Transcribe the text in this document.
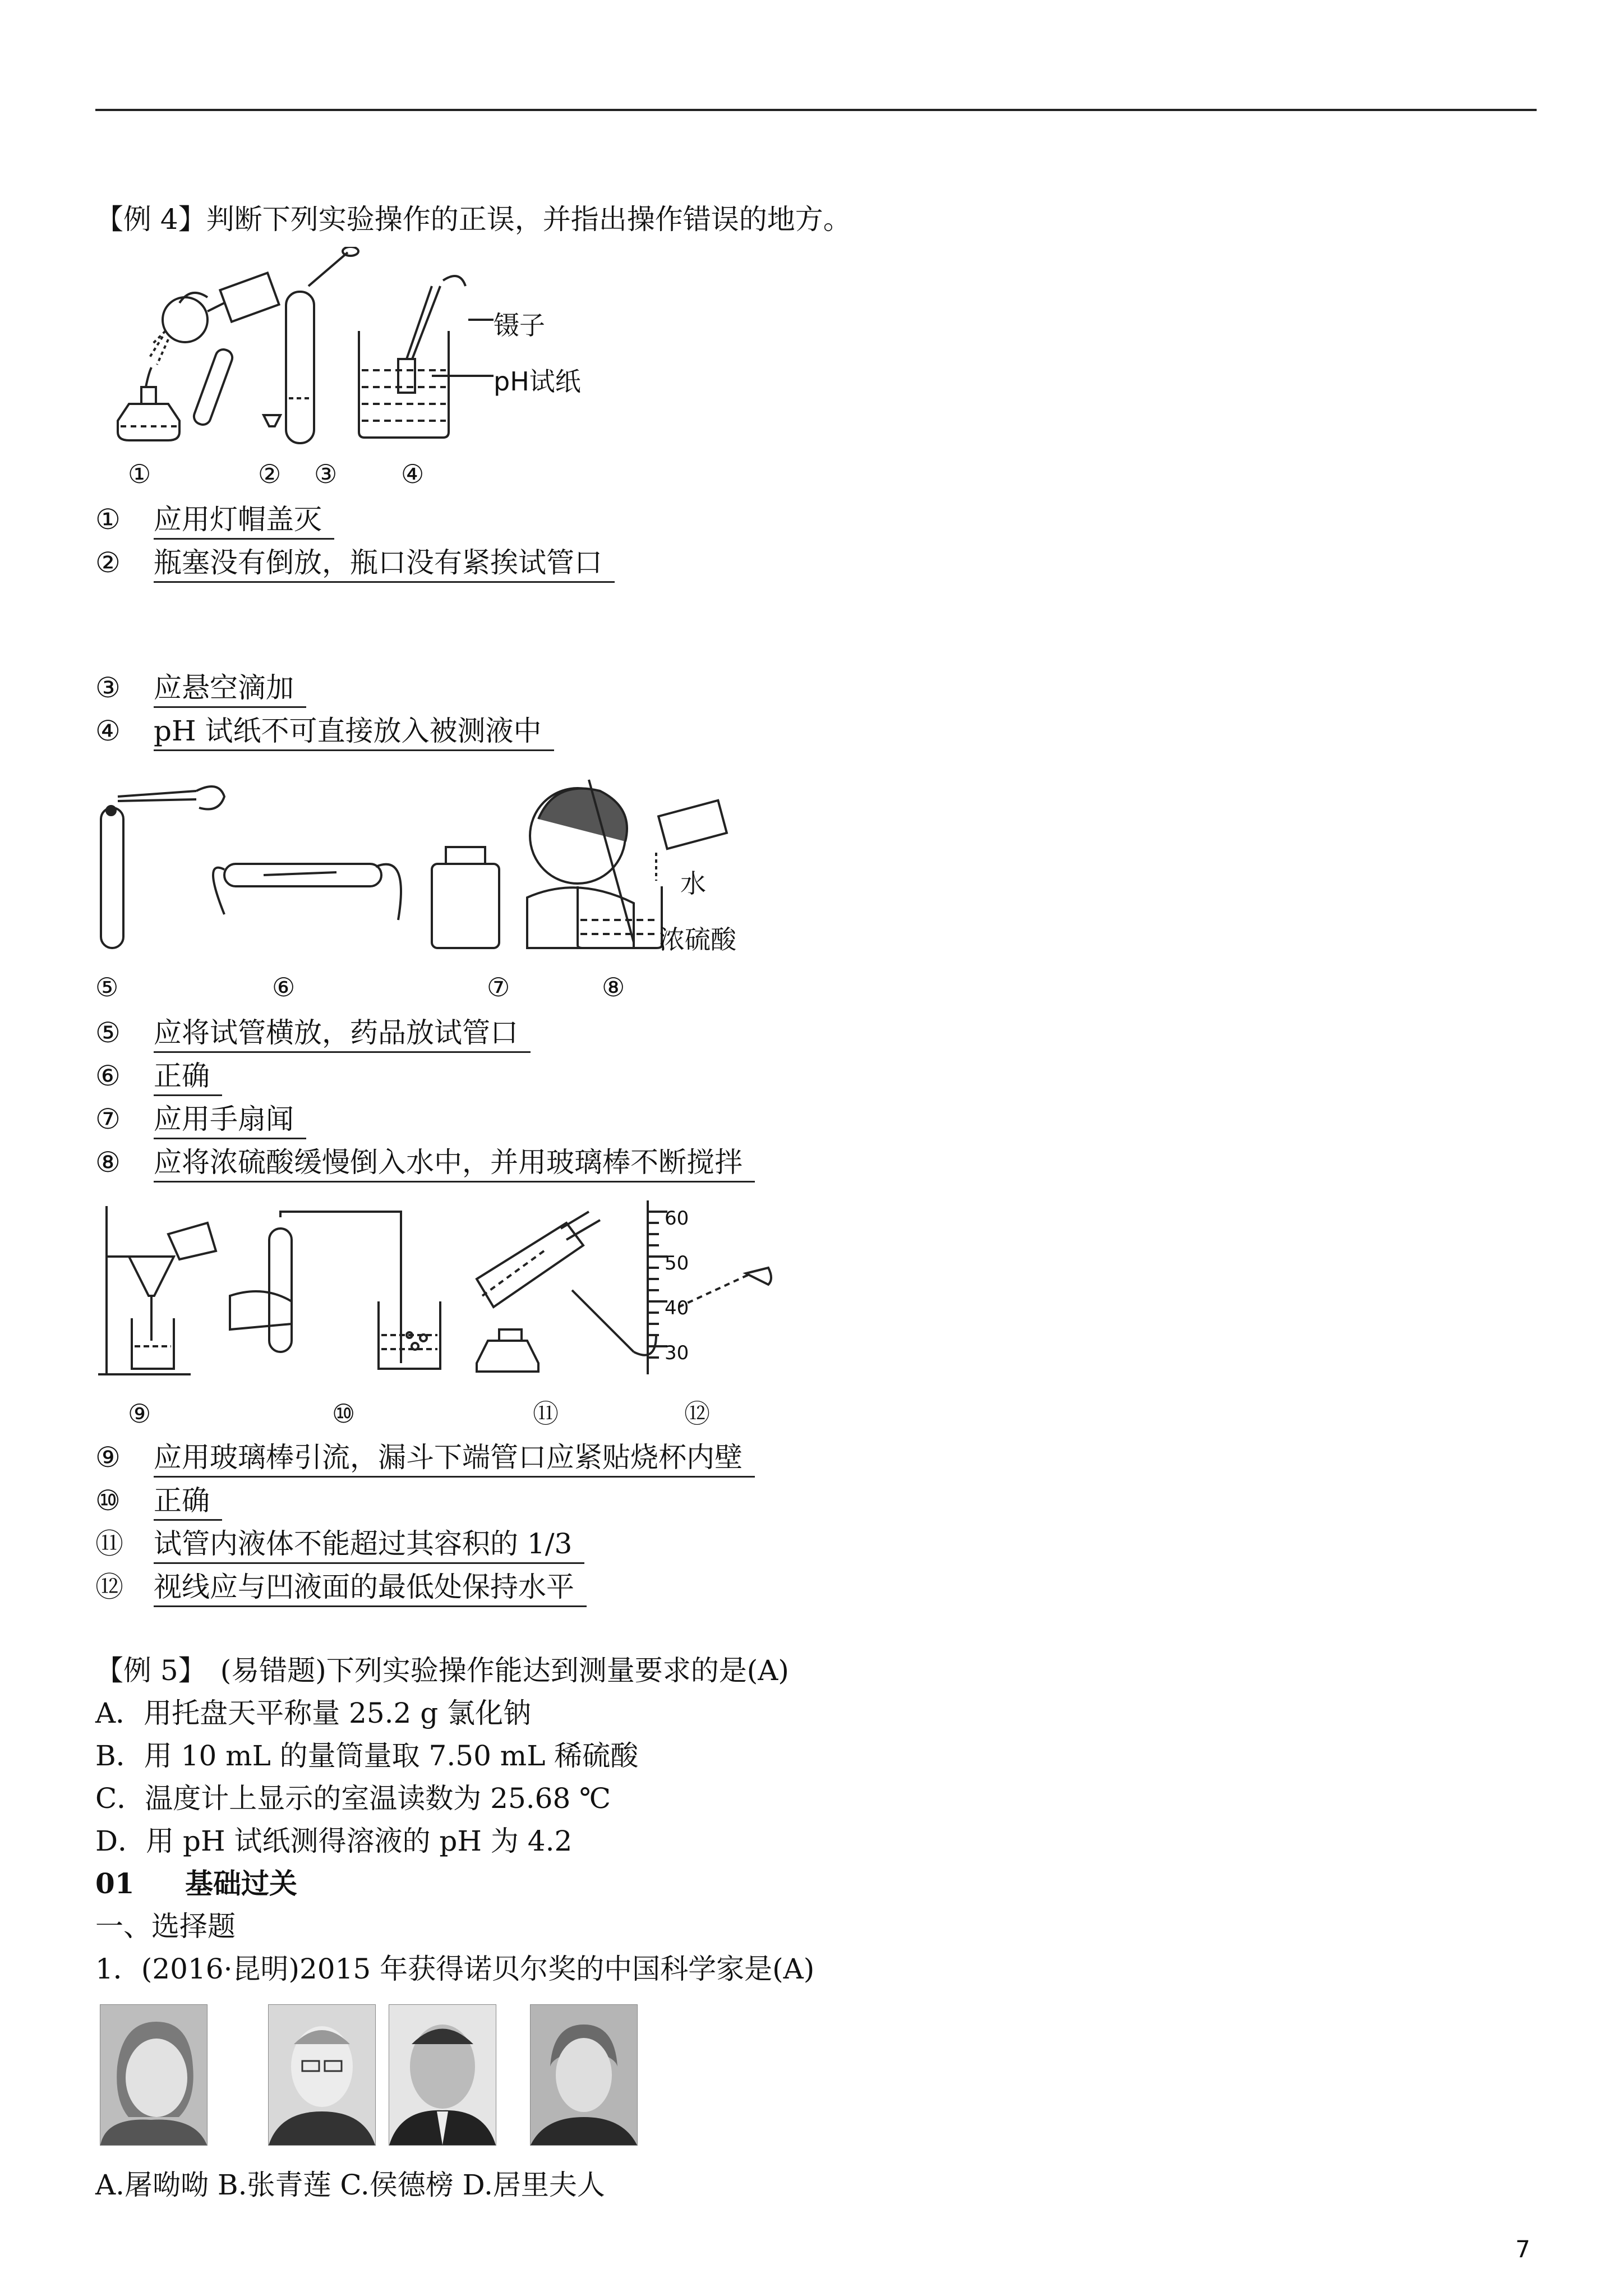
【例 4】判断下列实验操作的正误，并指出操作错误的地方。
镊子
pH试纸
①	② ③ ④
① 应用灯帽盖灭
② 瓶塞没有倒放，瓶口没有紧挨试管口
③ 应悬空滴加
④ pH 试纸不可直接放入被测液中
水
浓硫酸
⑤	⑥	⑦	⑧
⑤ 应将试管横放，药品放试管口
⑥ 正确
⑦ 应用手扇闻
⑧ 应将浓硫酸缓慢倒入水中，并用玻璃棒不断搅拌
60
50
40
30
⑨	⑩	⑪	⑫
⑨ 应用玻璃棒引流，漏斗下端管口应紧贴烧杯内壁
⑩ 正确
⑪ 试管内液体不能超过其容积的 1/3
⑫ 视线应与凹液面的最低处保持水平
【例 5】　(易错题)下列实验操作能达到测量要求的是(A)
A．用托盘天平称量 25.2 g 氯化钠
B．用 10 mL 的量筒量取 7.50 mL 稀硫酸
C．温度计上显示的室温读数为 25.68 ℃
D．用 pH 试纸测得溶液的 pH 为 4.2
01 基础过关
一、选择题
1．(2016·昆明)2015 年获得诺贝尔奖的中国科学家是(A)
A.屠呦呦 B.张青莲 C.侯德榜 D.居里夫人
7
